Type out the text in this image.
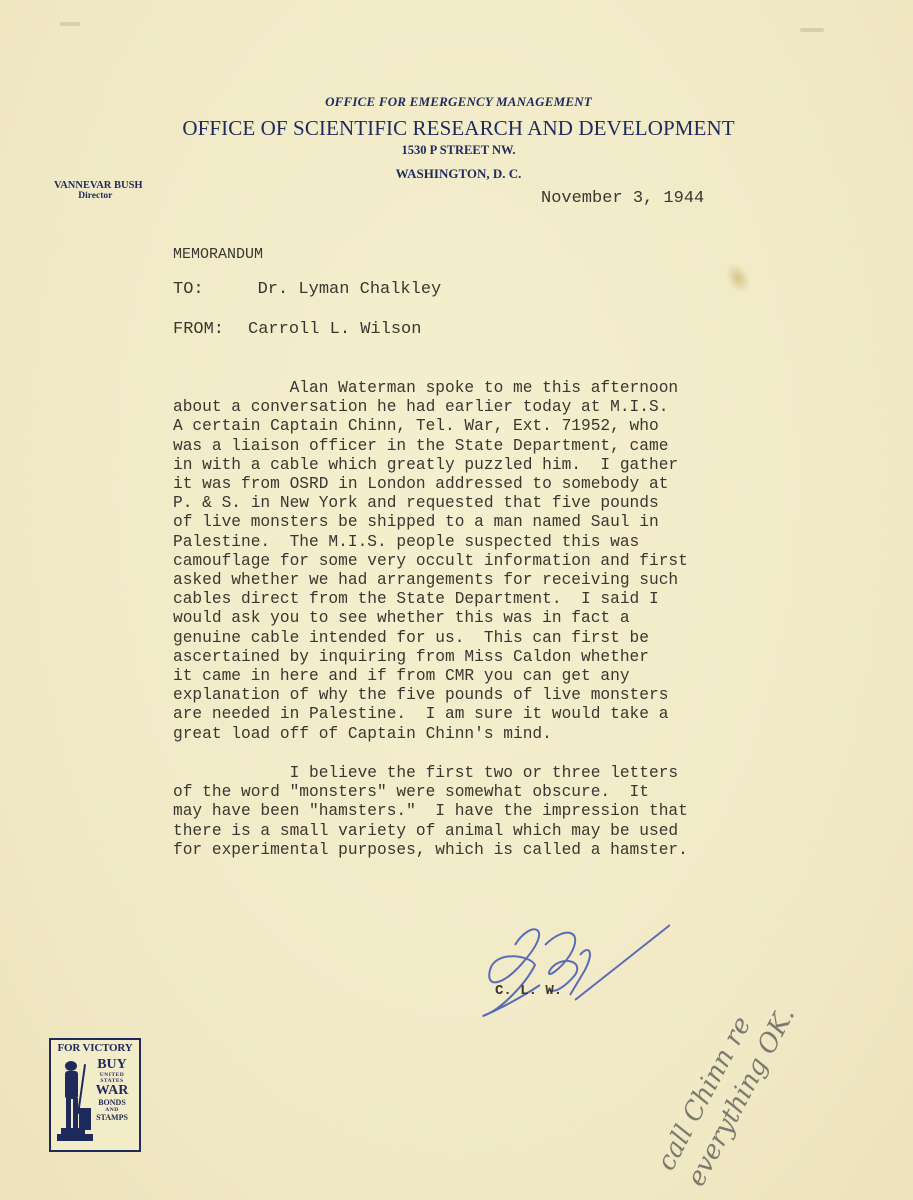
OFFICE FOR EMERGENCY MANAGEMENT
OFFICE OF SCIENTIFIC RESEARCH AND DEVELOPMENT
1530 P STREET NW.
WASHINGTON, D. C.
VANNEVAR BUSH
Director	November 3, 1944
MEMORANDUM
TO:	Dr. Lyman Chalkley
FROM: Carroll L. Wilson
Alan Waterman spoke to me this afternoon
about a conversation he had earlier today at M.I.S.
A certain Captain Chinn, Tel. War, Ext. 71952, who
was a liaison officer in the State Department, came
in with a cable which greatly puzzled him.  I gather
it was from OSRD in London addressed to somebody at
P. & S. in New York and requested that five pounds
of live monsters be shipped to a man named Saul in
Palestine.  The M.I.S. people suspected this was
camouflage for some very occult information and first
asked whether we had arrangements for receiving such
cables direct from the State Department.  I said I
would ask you to see whether this was in fact a
genuine cable intended for us.  This can first be
ascertained by inquiring from Miss Caldon whether
it came in here and if from CMR you can get any
explanation of why the five pounds of live monsters
are needed in Palestine.  I am sure it would take a
great load off of Captain Chinn's mind.
I believe the first two or three letters
of the word "monsters" were somewhat obscure.  It
may have been "hamsters."  I have the impression that
there is a small variety of animal which may be used
for experimental purposes, which is called a hamster.
C. L. W.
call Chinn re everything OK.
FOR VICTORY
BUY
UNITED STATES
WAR
BONDS
AND
STAMPS
